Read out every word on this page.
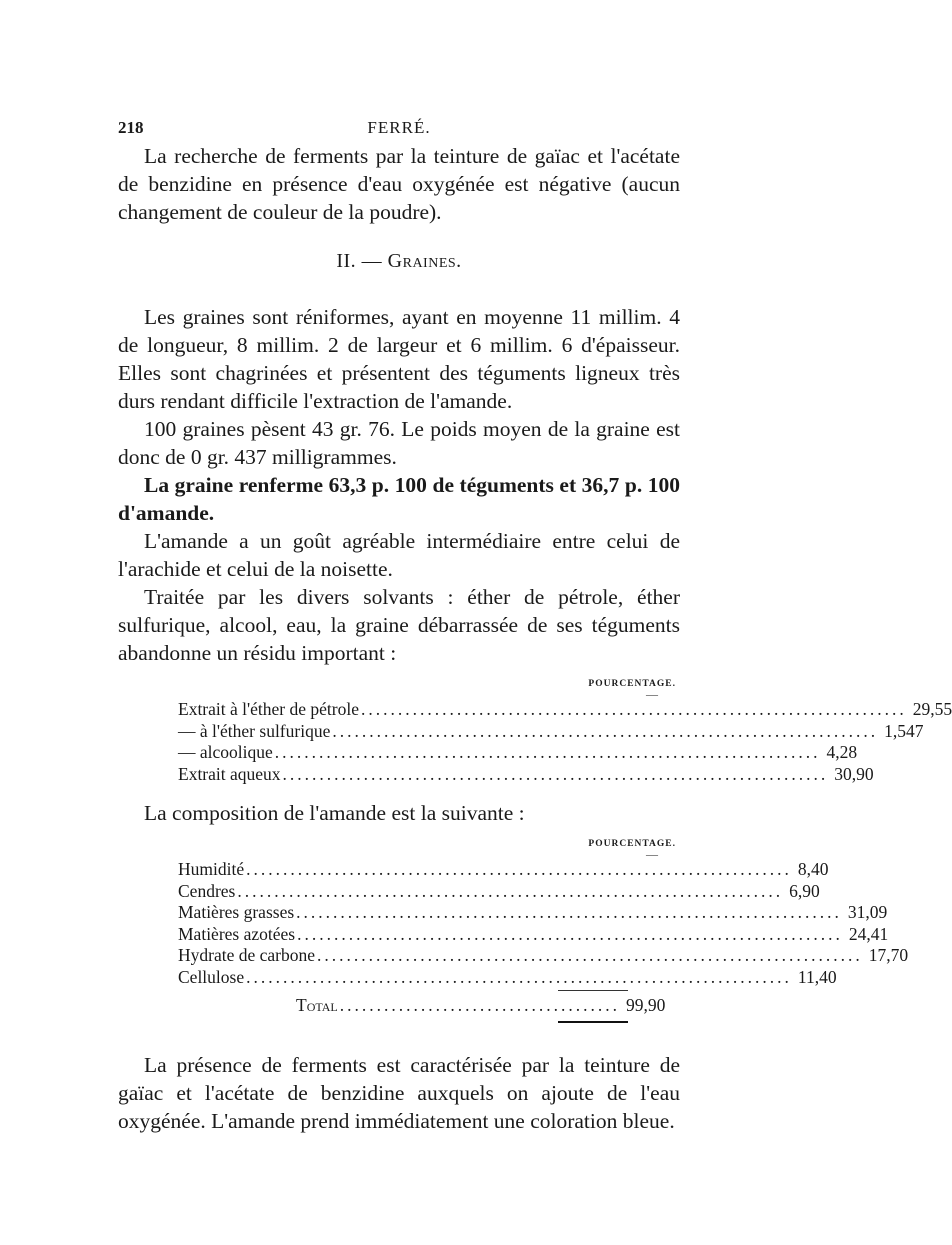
218	FERRÉ.

La recherche de ferments par la teinture de gaïac et l'acétate de benzidine en présence d'eau oxygénée est négative (aucun changement de couleur de la poudre).

II. — Graines.

Les graines sont réniformes, ayant en moyenne 11 millim. 4 de longueur, 8 millim. 2 de largeur et 6 millim. 6 d'épaisseur. Elles sont chagrinées et présentent des téguments ligneux très durs rendant difficile l'extraction de l'amande.

100 graines pèsent 43 gr. 76. Le poids moyen de la graine est donc de 0 gr. 437 milligrammes.

La graine renferme 63,3 p. 100 de téguments et 36,7 p. 100 d'amande.

L'amande a un goût agréable intermédiaire entre celui de l'arachide et celui de la noisette.

Traitée par les divers solvants : éther de pétrole, éther sulfurique, alcool, eau, la graine débarrassée de ses téguments abandonne un résidu important :

POURCENTAGE.
—
Extrait à l'éther de pétrole .......................................................................... 29,55
— à l'éther sulfurique .......................................................................... 1,547
— alcoolique .......................................................................... 4,28
Extrait aqueux .......................................................................... 30,90

La composition de l'amande est la suivante :

POURCENTAGE.
—
Humidité .......................................................................... 8,40
Cendres .......................................................................... 6,90
Matières grasses .......................................................................... 31,09
Matières azotées .......................................................................... 24,41
Hydrate de carbone .......................................................................... 17,70
Cellulose .......................................................................... 11,40
Total ...................................... 99,90

La présence de ferments est caractérisée par la teinture de gaïac et l'acétate de benzidine auxquels on ajoute de l'eau oxygénée. L'amande prend immédiatement une coloration bleue.
